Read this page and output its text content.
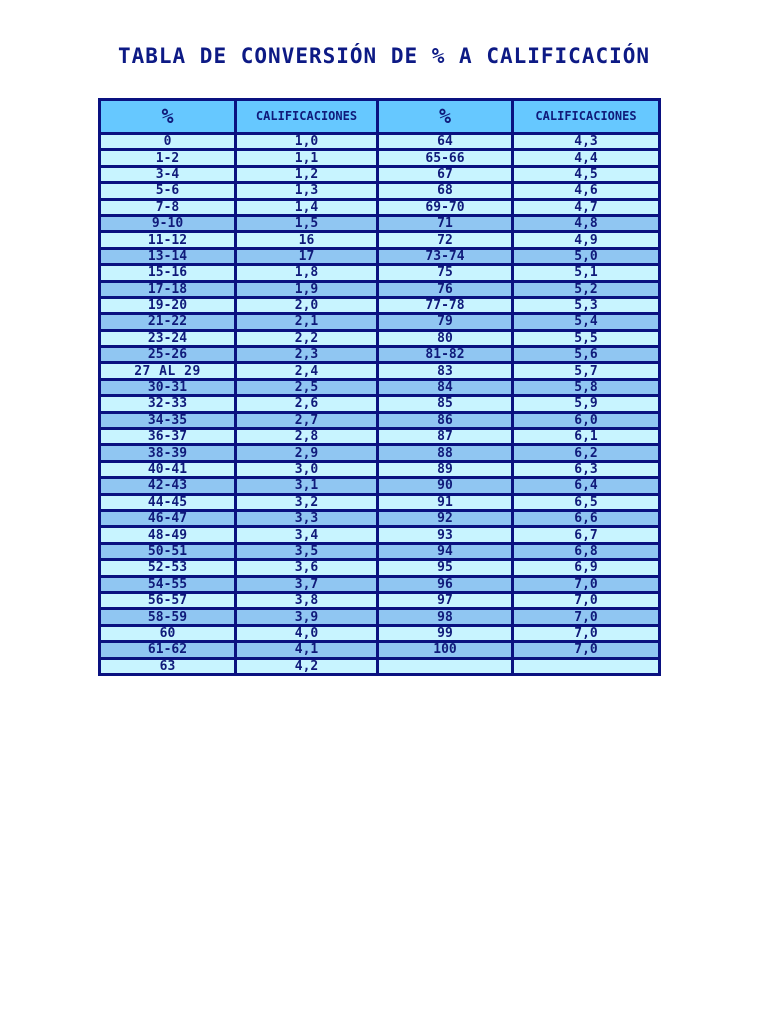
TABLA DE CONVERSIÓN DE % A CALIFICACIÓN
%	CALIFICACIONES	%	CALIFICACIONES
0	1,0	64	4,3
1-2	1,1	65-66	4,4
3-4	1,2	67	4,5
5-6	1,3	68	4,6
7-8	1,4	69-70	4,7
9-10	1,5	71	4,8
11-12	16	72	4,9
13-14	17	73-74	5,0
15-16	1,8	75	5,1
17-18	1,9	76	5,2
19-20	2,0	77-78	5,3
21-22	2,1	79	5,4
23-24	2,2	80	5,5
25-26	2,3	81-82	5,6
27 AL 29	2,4	83	5,7
30-31	2,5	84	5,8
32-33	2,6	85	5,9
34-35	2,7	86	6,0
36-37	2,8	87	6,1
38-39	2,9	88	6,2
40-41	3,0	89	6,3
42-43	3,1	90	6,4
44-45	3,2	91	6,5
46-47	3,3	92	6,6
48-49	3,4	93	6,7
50-51	3,5	94	6,8
52-53	3,6	95	6,9
54-55	3,7	96	7,0
56-57	3,8	97	7,0
58-59	3,9	98	7,0
60	4,0	99	7,0
61-62	4,1	100	7,0
63	4,2		
